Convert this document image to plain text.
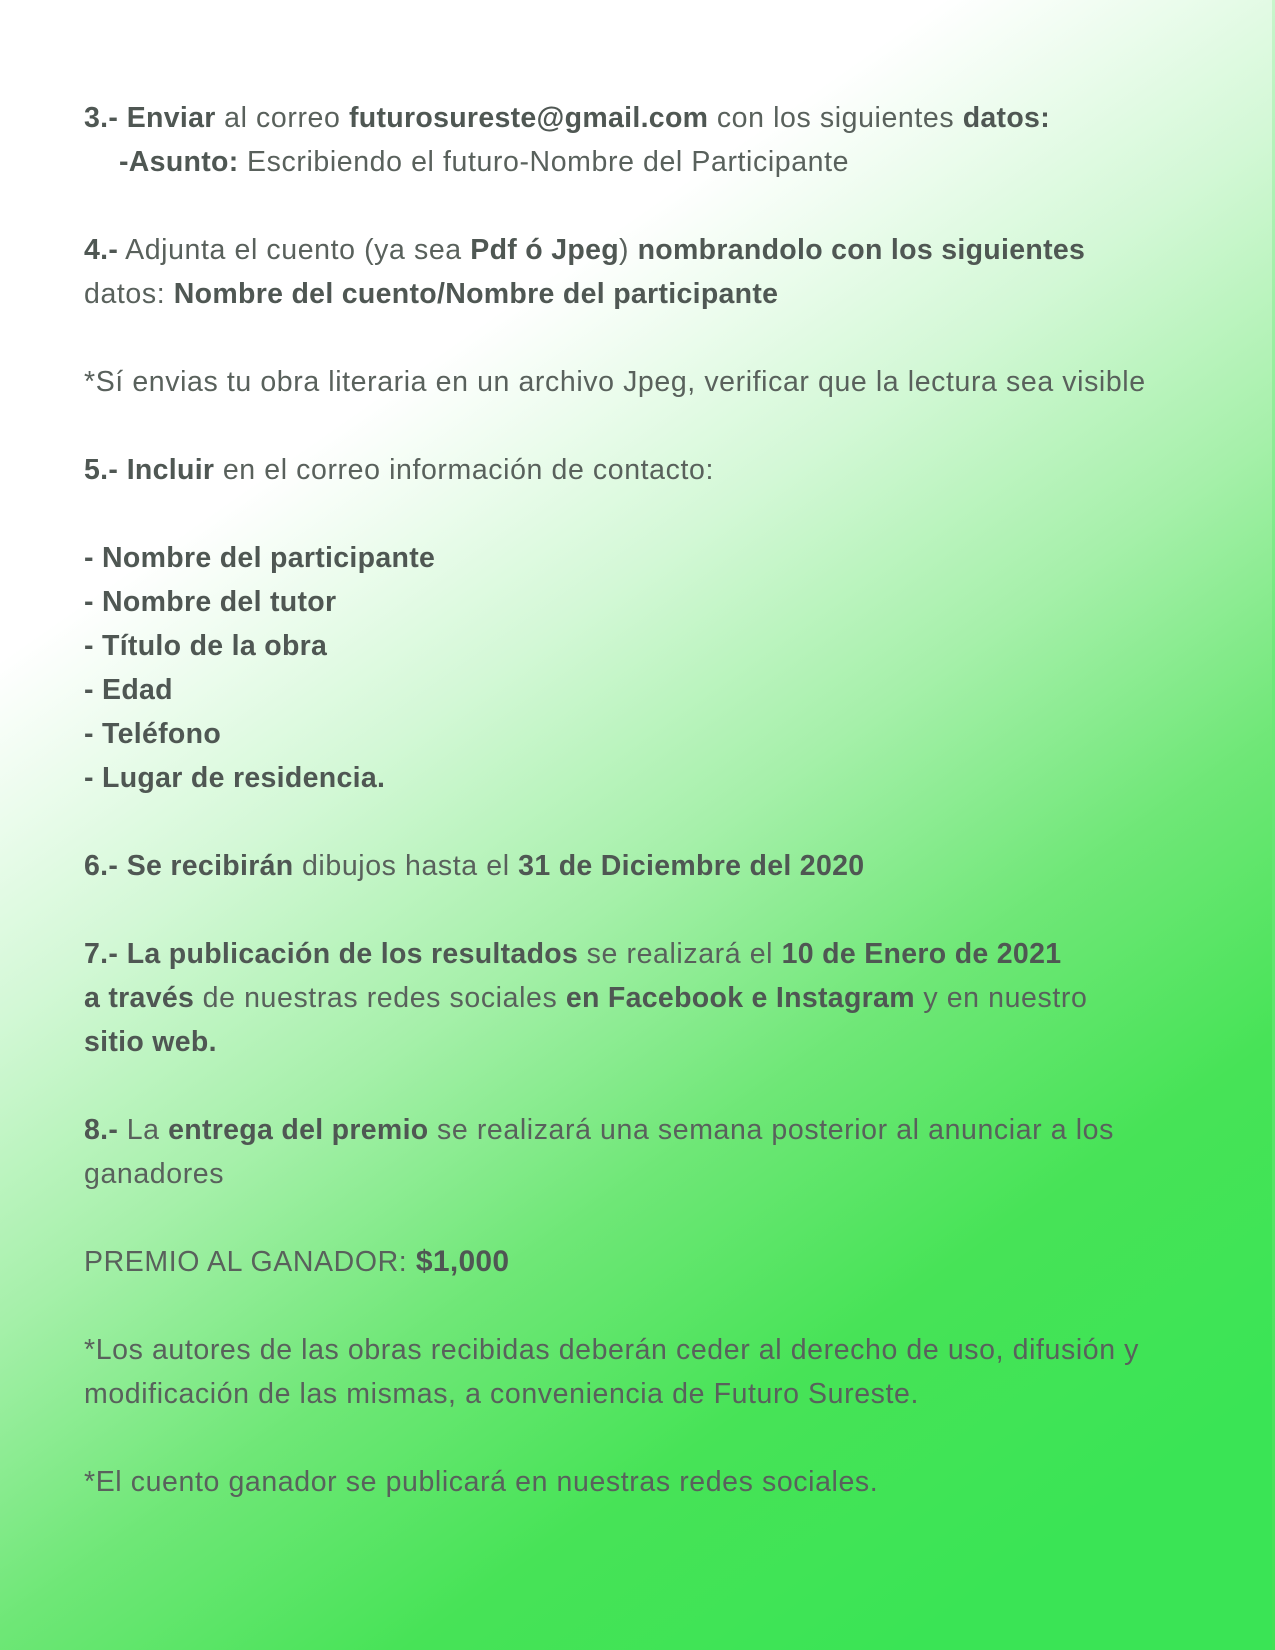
3.- Enviar al correo futurosureste@gmail.com con los siguientes datos:

-Asunto: Escribiendo el futuro-Nombre del Participante

4.- Adjunta el cuento (ya sea Pdf ó Jpeg) nombrandolo con los siguientes

datos: Nombre del cuento/Nombre del participante

*Sí envias tu obra literaria en un archivo Jpeg, verificar que la lectura sea visible

5.- Incluir en el correo información de contacto:

- Nombre del participante

- Nombre del tutor

- Título de la obra

- Edad

- Teléfono

- Lugar de residencia.

6.- Se recibirán dibujos hasta el 31 de Diciembre del 2020

7.- La publicación de los resultados se realizará el 10 de Enero de 2021

a través de nuestras redes sociales en Facebook e Instagram y en nuestro

sitio web.

8.- La entrega del premio se realizará una semana posterior al anunciar a los ganadores

PREMIO AL GANADOR: $1,000

*Los autores de las obras recibidas deberán ceder al derecho de uso, difusión y modificación de las mismas, a conveniencia de Futuro Sureste.

*El cuento ganador se publicará en nuestras redes sociales.
